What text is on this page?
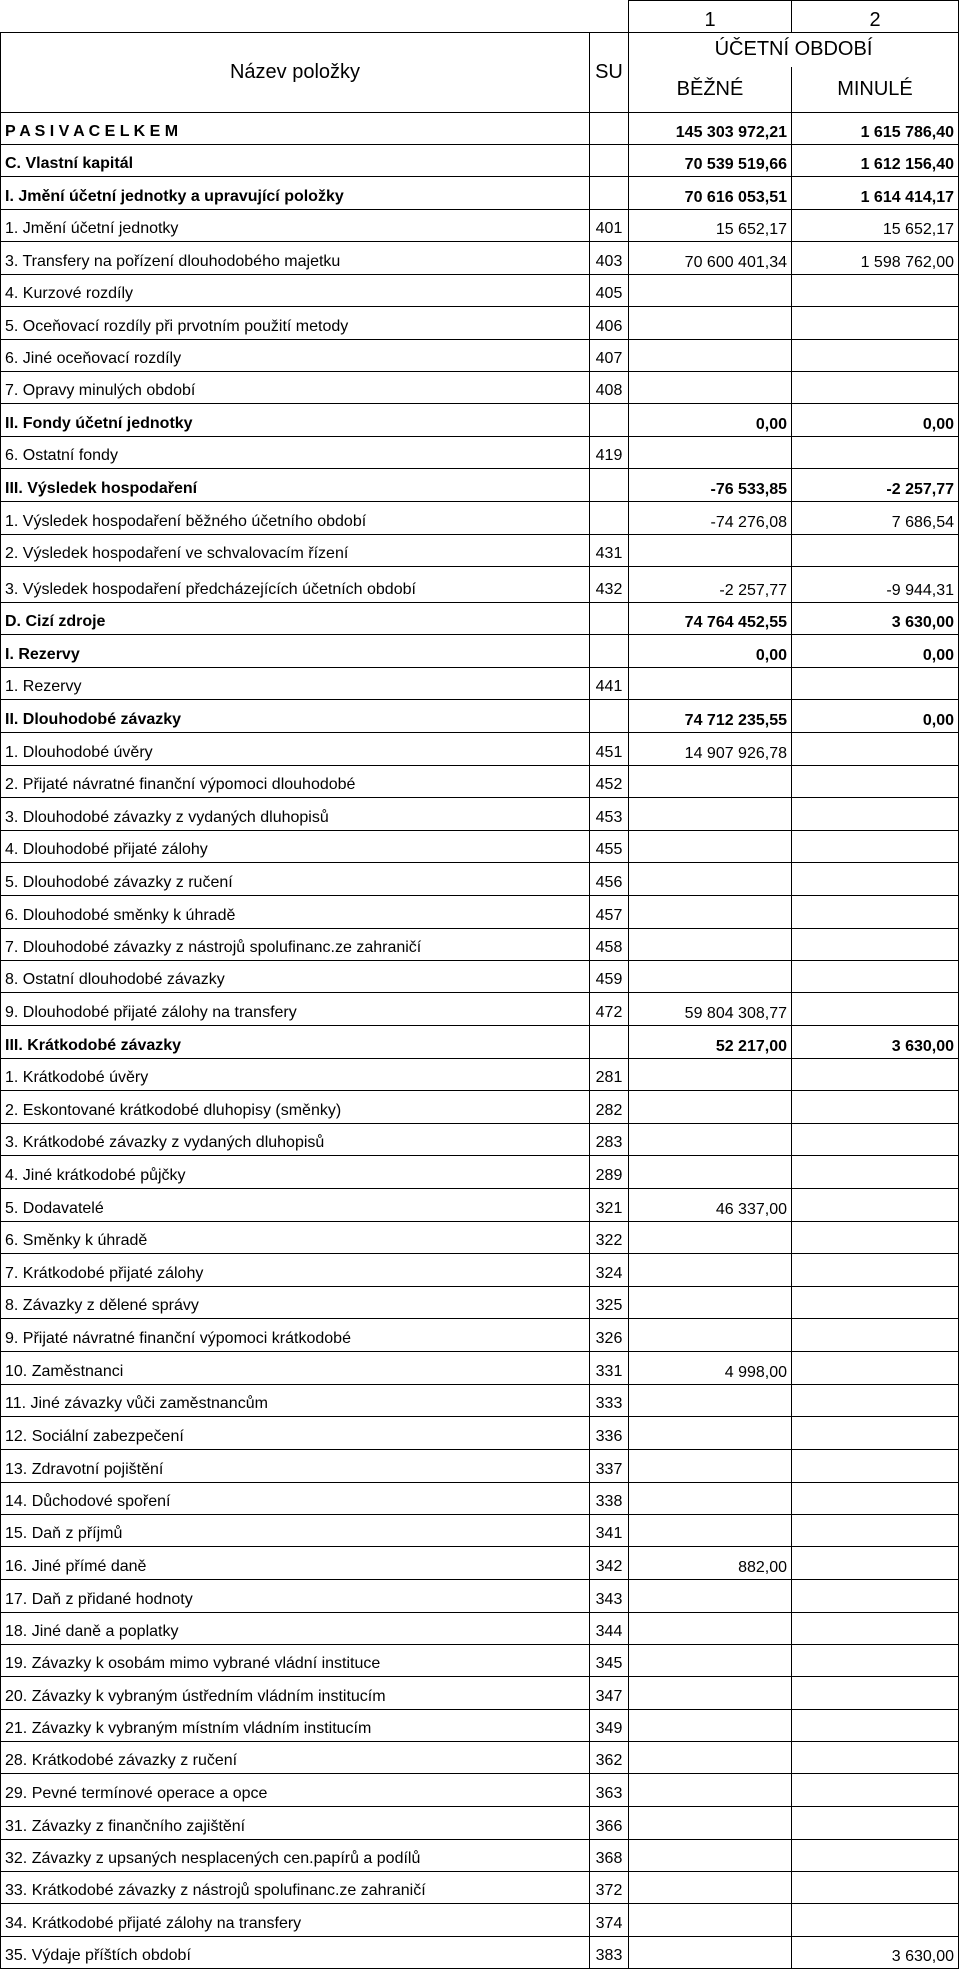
		1	2
Název položky	SU	ÚČETNÍ OBDOBÍ	
		BĚŽNÉ	MINULÉ
P A S I V A C E L K E M		145 303 972,21	1 615 786,40
C. Vlastní kapitál		70 539 519,66	1 612 156,40
I. Jmění účetní jednotky a upravující položky		70 616 053,51	1 614 414,17
1. Jmění účetní jednotky	401	15 652,17	15 652,17
3. Transfery na pořízení dlouhodobého majetku	403	70 600 401,34	1 598 762,00
4. Kurzové rozdíly	405		
5. Oceňovací rozdíly při prvotním použití metody	406		
6. Jiné oceňovací rozdíly	407		
7. Opravy minulých období	408		
II. Fondy účetní jednotky		0,00	0,00
6. Ostatní fondy	419		
III. Výsledek hospodaření		-76 533,85	-2 257,77
1. Výsledek hospodaření běžného účetního období		-74 276,08	7 686,54
2. Výsledek hospodaření ve schvalovacím řízení	431		
3. Výsledek hospodaření předcházejících účetních období	432	-2 257,77	-9 944,31
D. Cizí zdroje		74 764 452,55	3 630,00
I. Rezervy		0,00	0,00
1. Rezervy	441		
II. Dlouhodobé závazky		74 712 235,55	0,00
1. Dlouhodobé úvěry	451	14 907 926,78	
2. Přijaté návratné finanční výpomoci dlouhodobé	452		
3. Dlouhodobé závazky z vydaných dluhopisů	453		
4. Dlouhodobé přijaté zálohy	455		
5. Dlouhodobé závazky z ručení	456		
6. Dlouhodobé směnky k úhradě	457		
7. Dlouhodobé závazky z nástrojů spolufinanc.ze zahraničí	458		
8. Ostatní dlouhodobé závazky	459		
9. Dlouhodobé přijaté zálohy na transfery	472	59 804 308,77	
III. Krátkodobé závazky		52 217,00	3 630,00
1. Krátkodobé úvěry	281		
2. Eskontované krátkodobé dluhopisy (směnky)	282		
3. Krátkodobé závazky z vydaných dluhopisů	283		
4. Jiné krátkodobé půjčky	289		
5. Dodavatelé	321	46 337,00	
6. Směnky k úhradě	322		
7. Krátkodobé přijaté zálohy	324		
8. Závazky z dělené správy	325		
9. Přijaté návratné finanční výpomoci krátkodobé	326		
10. Zaměstnanci	331	4 998,00	
11. Jiné závazky vůči zaměstnancům	333		
12. Sociální zabezpečení	336		
13. Zdravotní pojištění	337		
14. Důchodové spoření	338		
15. Daň z příjmů	341		
16. Jiné přímé daně	342	882,00	
17. Daň z přidané hodnoty	343		
18. Jiné daně a poplatky	344		
19. Závazky k osobám mimo vybrané vládní instituce	345		
20. Závazky k vybraným ústředním vládním institucím	347		
21. Závazky k vybraným místním vládním institucím	349		
28. Krátkodobé závazky z ručení	362		
29. Pevné termínové operace a opce	363		
31. Závazky z finančního zajištění	366		
32. Závazky z upsaných nesplacených cen.papírů a podílů	368		
33. Krátkodobé závazky z nástrojů spolufinanc.ze zahraničí	372		
34. Krátkodobé přijaté zálohy na transfery	374		
35. Výdaje příštích období	383		3 630,00
